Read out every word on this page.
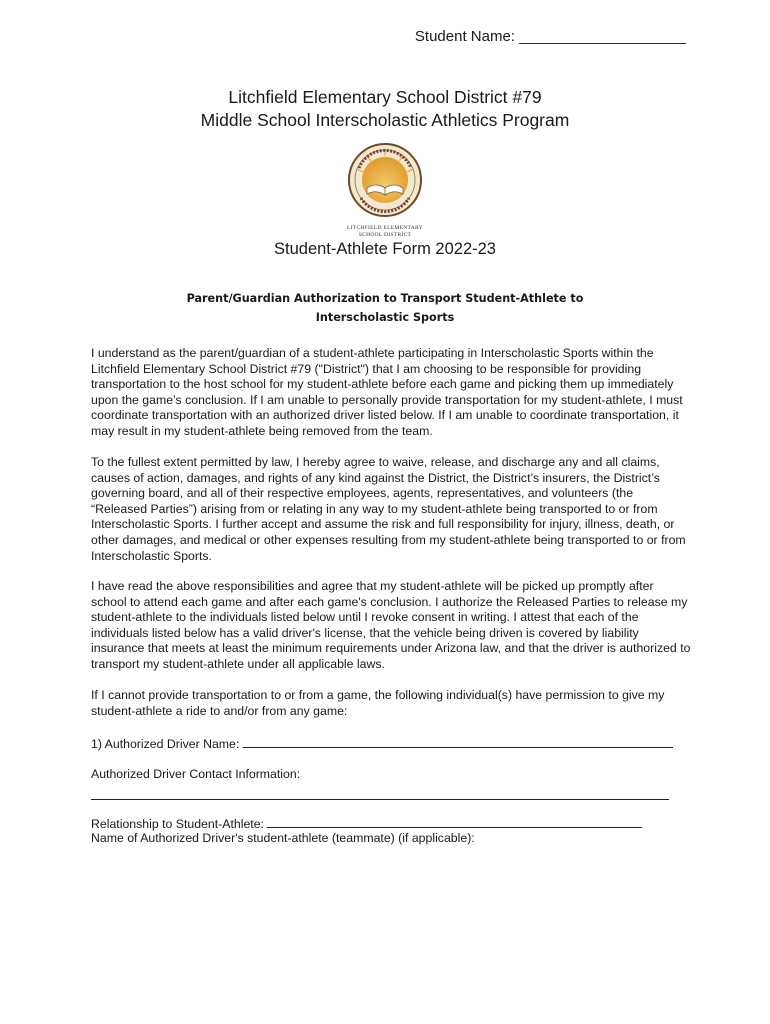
Student Name: ____________________
Litchfield Elementary School District #79
Middle School Interscholastic Athletics Program
LITCHFIELD ELEMENTARY
SCHOOL DISTRICT
Student-Athlete Form 2022-23
Parent/Guardian Authorization to Transport Student-Athlete to
Interscholastic Sports
I understand as the parent/guardian of a student-athlete participating in Interscholastic Sports within the Litchfield Elementary School District #79 ("District") that I am choosing to be responsible for providing transportation to the host school for my student-athlete before each game and picking them up immediately upon the game’s conclusion. If I am unable to personally provide transportation for my student-athlete, I must coordinate transportation with an authorized driver listed below. If I am unable to coordinate transportation, it may result in my student-athlete being removed from the team.
To the fullest extent permitted by law, I hereby agree to waive, release, and discharge any and all claims, causes of action, damages, and rights of any kind against the District, the District’s insurers, the District’s governing board, and all of their respective employees, agents, representatives, and volunteers (the “Released Parties”) arising from or relating in any way to my student-athlete being transported to or from Interscholastic Sports. I further accept and assume the risk and full responsibility for injury, illness, death, or other damages, and medical or other expenses resulting from my student-athlete being transported to or from Interscholastic Sports.
I have read the above responsibilities and agree that my student-athlete will be picked up promptly after school to attend each game and after each game's conclusion. I authorize the Released Parties to release my student-athlete to the individuals listed below until I revoke consent in writing. I attest that each of the individuals listed below has a valid driver's license, that the vehicle being driven is covered by liability insurance that meets at least the minimum requirements under Arizona law, and that the driver is authorized to transport my student-athlete under all applicable laws.
If I cannot provide transportation to or from a game, the following individual(s) have permission to give my student-athlete a ride to and/or from any game:
1) Authorized Driver Name:
Authorized Driver Contact Information:
Relationship to Student-Athlete:
Name of Authorized Driver's student-athlete (teammate) (if applicable):
